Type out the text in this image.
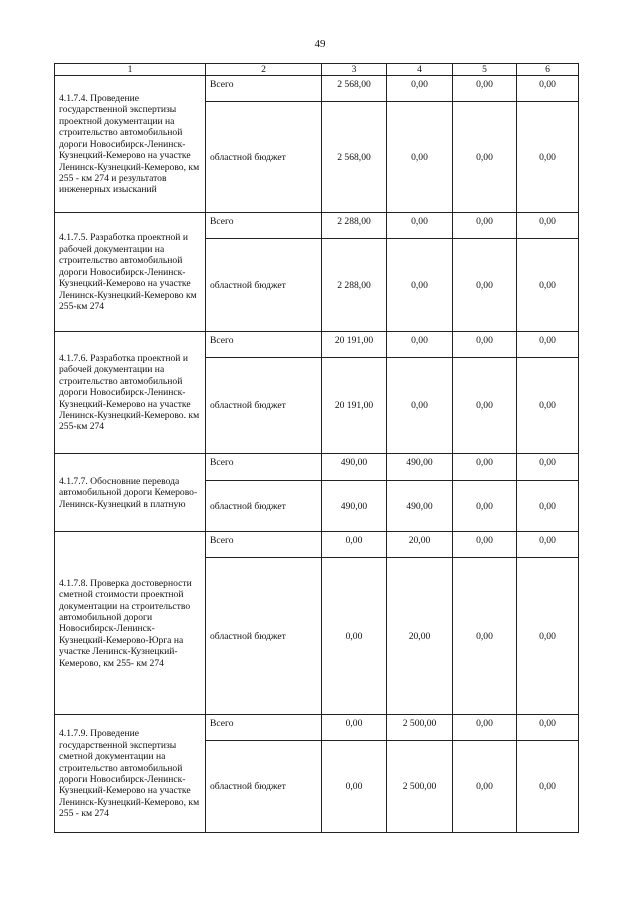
49
1	2	3	4	5	6
4.1.7.4. Проведение государственной экспертизы проектной документации на строительство автомобильной дороги Новосибирск-Ленинск-Кузнецкий-Кемерово на участке Ленинск-Кузнецкий-Кемерово, км 255 - км 274 и результатов инженерных изысканий	Всего	2 568,00	0,00	0,00	0,00
	областной бюджет	2 568,00	0,00	0,00	0,00
4.1.7.5. Разработка проектной и рабочей документации на строительство автомобильной дороги Новосибирск-Ленинск-Кузнецкий-Кемерово на участке Ленинск-Кузнецкий-Кемерово км 255-км 274	Всего	2 288,00	0,00	0,00	0,00
	областной бюджет	2 288,00	0,00	0,00	0,00
4.1.7.6. Разработка проектной и рабочей документации на строительство автомобильной дороги Новосибирск-Ленинск-Кузнецкий-Кемерово на участке Ленинск-Кузнецкий-Кемерово. км 255-км 274	Всего	20 191,00	0,00	0,00	0,00
	областной бюджет	20 191,00	0,00	0,00	0,00
4.1.7.7. Обосновние перевода автомобильной дороги Кемерово-Ленинск-Кузнецкий в платную	Всего	490,00	490,00	0,00	0,00
	областной бюджет	490,00	490,00	0,00	0,00
4.1.7.8. Проверка достоверности сметной стоимости проектной документации на строительство автомобильной дороги Новосибирск-Ленинск-Кузнецкий-Кемерово-Юрга на участке Ленинск-Кузнецкий-Кемерово, км 255- км 274	Всего	0,00	20,00	0,00	0,00
	областной бюджет	0,00	20,00	0,00	0,00
4.1.7.9. Проведение государственной экспертизы сметной документации на строительство автомобильной дороги Новосибирск-Ленинск-Кузнецкий-Кемерово на участке Ленинск-Кузнецкий-Кемерово, км 255 - км 274	Всего	0,00	2 500,00	0,00	0,00
	областной бюджет	0,00	2 500,00	0,00	0,00
